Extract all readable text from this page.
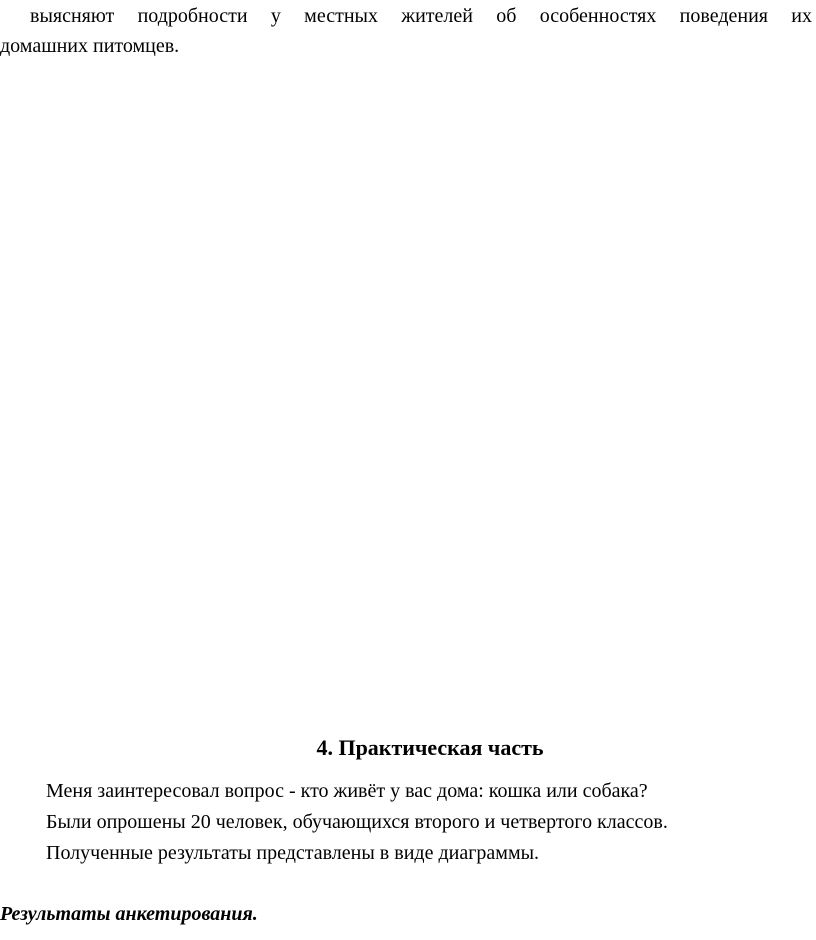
выясняют подробности у местных жителей об особенностях поведения их
домашних питомцев.
4. Практическая часть
Меня заинтересовал вопрос - кто живёт у вас дома: кошка или собака?
Были опрошены 20 человек, обучающихся второго и четвертого классов.
Полученные результаты представлены в виде диаграммы.
Результаты анкетирования.
